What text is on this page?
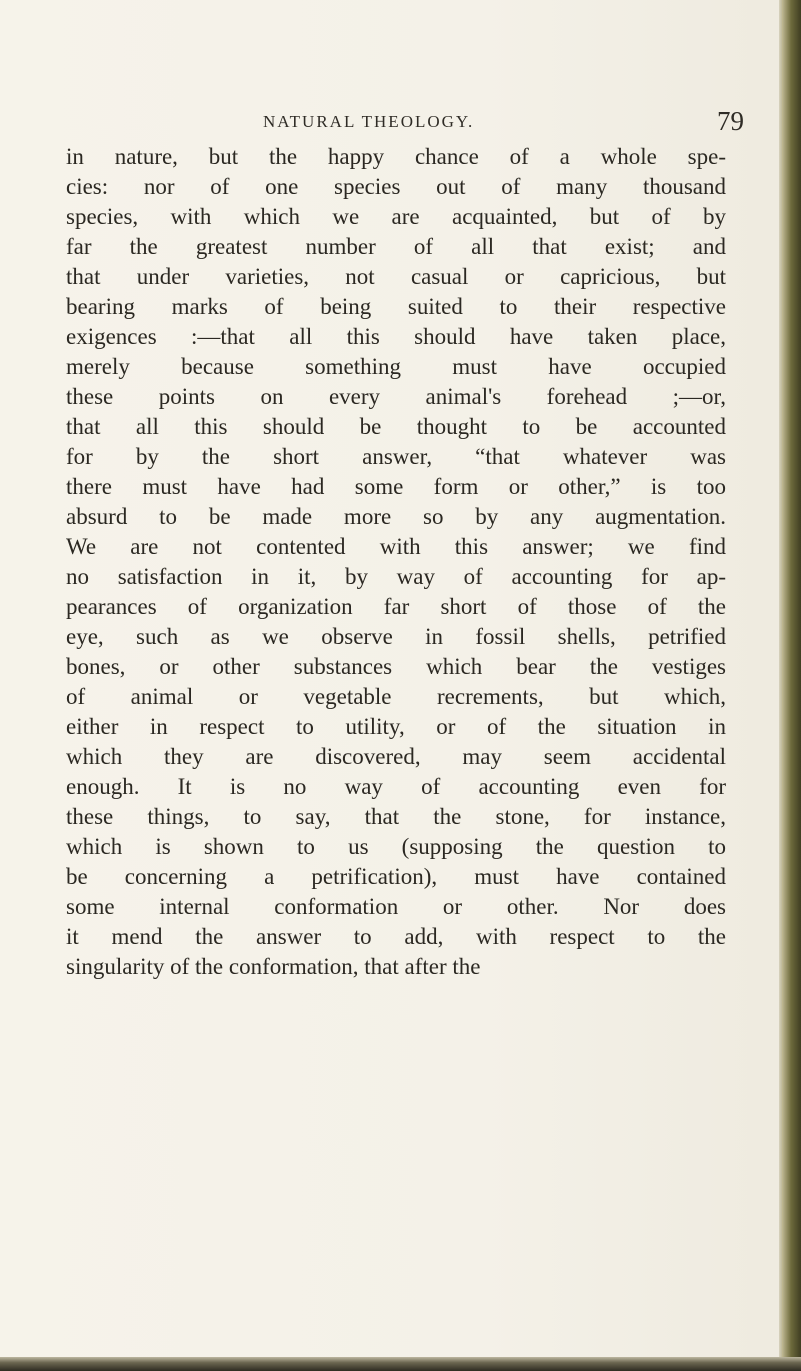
NATURAL THEOLOGY.	79
in nature, but the happy chance of a whole spe-
cies: nor of one species out of many thousand
species, with which we are acquainted, but of by
far the greatest number of all that exist; and
that under varieties, not casual or capricious, but
bearing marks of being suited to their respective
exigences :—that all this should have taken place,
merely because something must have occupied
these points on every animal's forehead ;—or,
that all this should be thought to be accounted
for by the short answer, “that whatever was
there must have had some form or other,” is too
absurd to be made more so by any augmentation.
We are not contented with this answer; we find
no satisfaction in it, by way of accounting for ap-
pearances of organization far short of those of the
eye, such as we observe in fossil shells, petrified
bones, or other substances which bear the vestiges
of animal or vegetable recrements, but which,
either in respect to utility, or of the situation in
which they are discovered, may seem accidental
enough. It is no way of accounting even for
these things, to say, that the stone, for instance,
which is shown to us (supposing the question to
be concerning a petrification), must have contained
some internal conformation or other. Nor does
it mend the answer to add, with respect to the
singularity of the conformation, that after the
